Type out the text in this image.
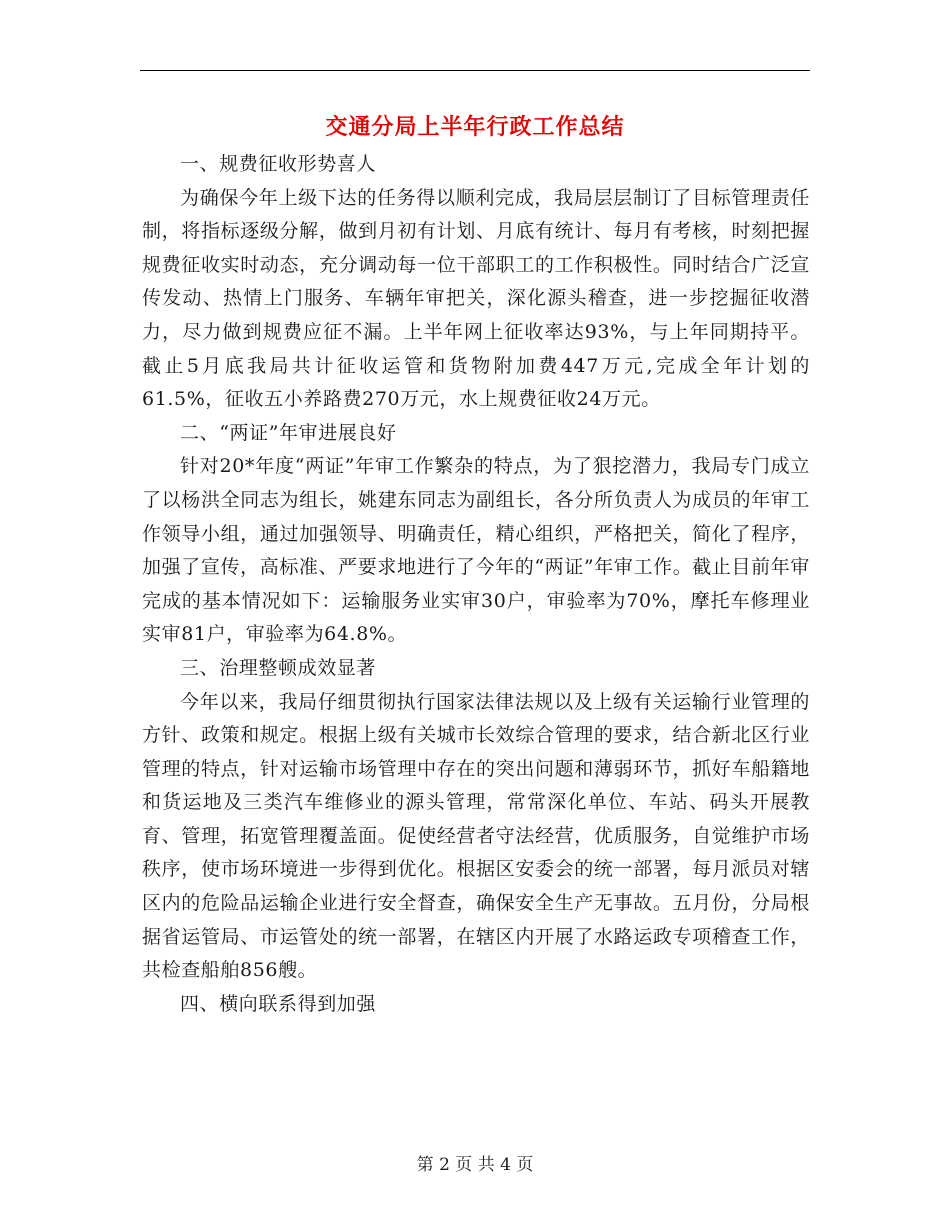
交通分局上半年行政工作总结

一、规费征收形势喜人

为确保今年上级下达的任务得以顺利完成，我局层层制订了目标管理责任制，将指标逐级分解，做到月初有计划、月底有统计、每月有考核，时刻把握规费征收实时动态，充分调动每一位干部职工的工作积极性。同时结合广泛宣传发动、热情上门服务、车辆年审把关，深化源头稽查，进一步挖掘征收潜力，尽力做到规费应征不漏。上半年网上征收率达93%，与上年同期持平。截止5月底我局共计征收运管和货物附加费447万元,完成全年计划的61.5%，征收五小养路费270万元，水上规费征收24万元。

二、“两证”年审进展良好

针对20*年度“两证”年审工作繁杂的特点，为了狠挖潜力，我局专门成立了以杨洪全同志为组长，姚建东同志为副组长，各分所负责人为成员的年审工作领导小组，通过加强领导、明确责任，精心组织，严格把关，简化了程序，加强了宣传，高标准、严要求地进行了今年的“两证”年审工作。截止目前年审完成的基本情况如下：运输服务业实审30户，审验率为70%，摩托车修理业实审81户，审验率为64.8%。

三、治理整顿成效显著

今年以来，我局仔细贯彻执行国家法律法规以及上级有关运输行业管理的方针、政策和规定。根据上级有关城市长效综合管理的要求，结合新北区行业管理的特点，针对运输市场管理中存在的突出问题和薄弱环节，抓好车船籍地和货运地及三类汽车维修业的源头管理，常常深化单位、车站、码头开展教育、管理，拓宽管理覆盖面。促使经营者守法经营，优质服务，自觉维护市场秩序，使市场环境进一步得到优化。根据区安委会的统一部署，每月派员对辖区内的危险品运输企业进行安全督查，确保安全生产无事故。五月份，分局根据省运管局、市运管处的统一部署，在辖区内开展了水路运政专项稽查工作，共检查船舶856艘。

四、横向联系得到加强

第 2 页 共 4 页
